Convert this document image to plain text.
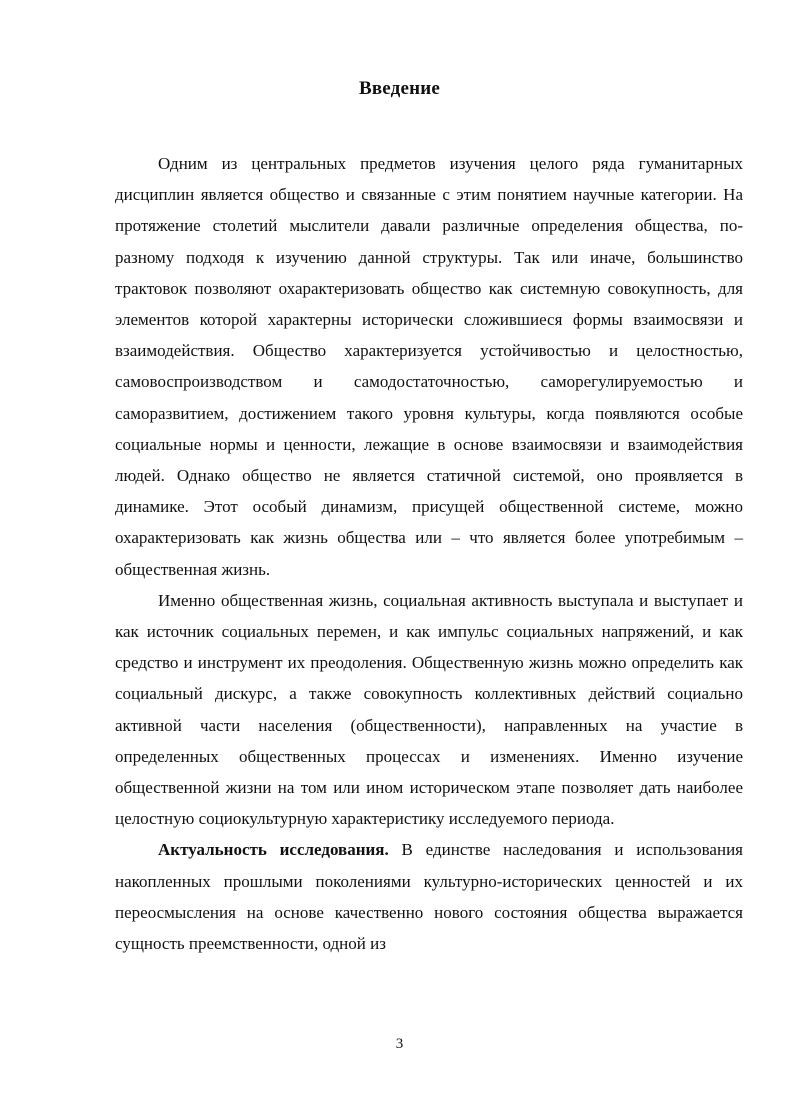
Введение

Одним из центральных предметов изучения целого ряда гуманитарных дисциплин является общество и связанные с этим понятием научные категории. На протяжение столетий мыслители давали различные определения общества, по-разному подходя к изучению данной структуры. Так или иначе, большинство трактовок позволяют охарактеризовать общество как системную совокупность, для элементов которой характерны исторически сложившиеся формы взаимосвязи и взаимодействия. Общество характеризуется устойчивостью и целостностью, самовоспроизводством и самодостаточностью, саморегулируемостью и саморазвитием, достижением такого уровня культуры, когда появляются особые социальные нормы и ценности, лежащие в основе взаимосвязи и взаимодействия людей. Однако общество не является статичной системой, оно проявляется в динамике. Этот особый динамизм, присущей общественной системе, можно охарактеризовать как жизнь общества или – что является более употребимым – общественная жизнь.

Именно общественная жизнь, социальная активность выступала и выступает и как источник социальных перемен, и как импульс социальных напряжений, и как средство и инструмент их преодоления. Общественную жизнь можно определить как социальный дискурс, а также совокупность коллективных действий социально активной части населения (общественности), направленных на участие в определенных общественных процессах и изменениях. Именно изучение общественной жизни на том или ином историческом этапе позволяет дать наиболее целостную социокультурную характеристику исследуемого периода.

Актуальность исследования. В единстве наследования и использования накопленных прошлыми поколениями культурно-исторических ценностей и их переосмысления на основе качественно нового состояния общества выражается сущность преемственности, одной из

3
